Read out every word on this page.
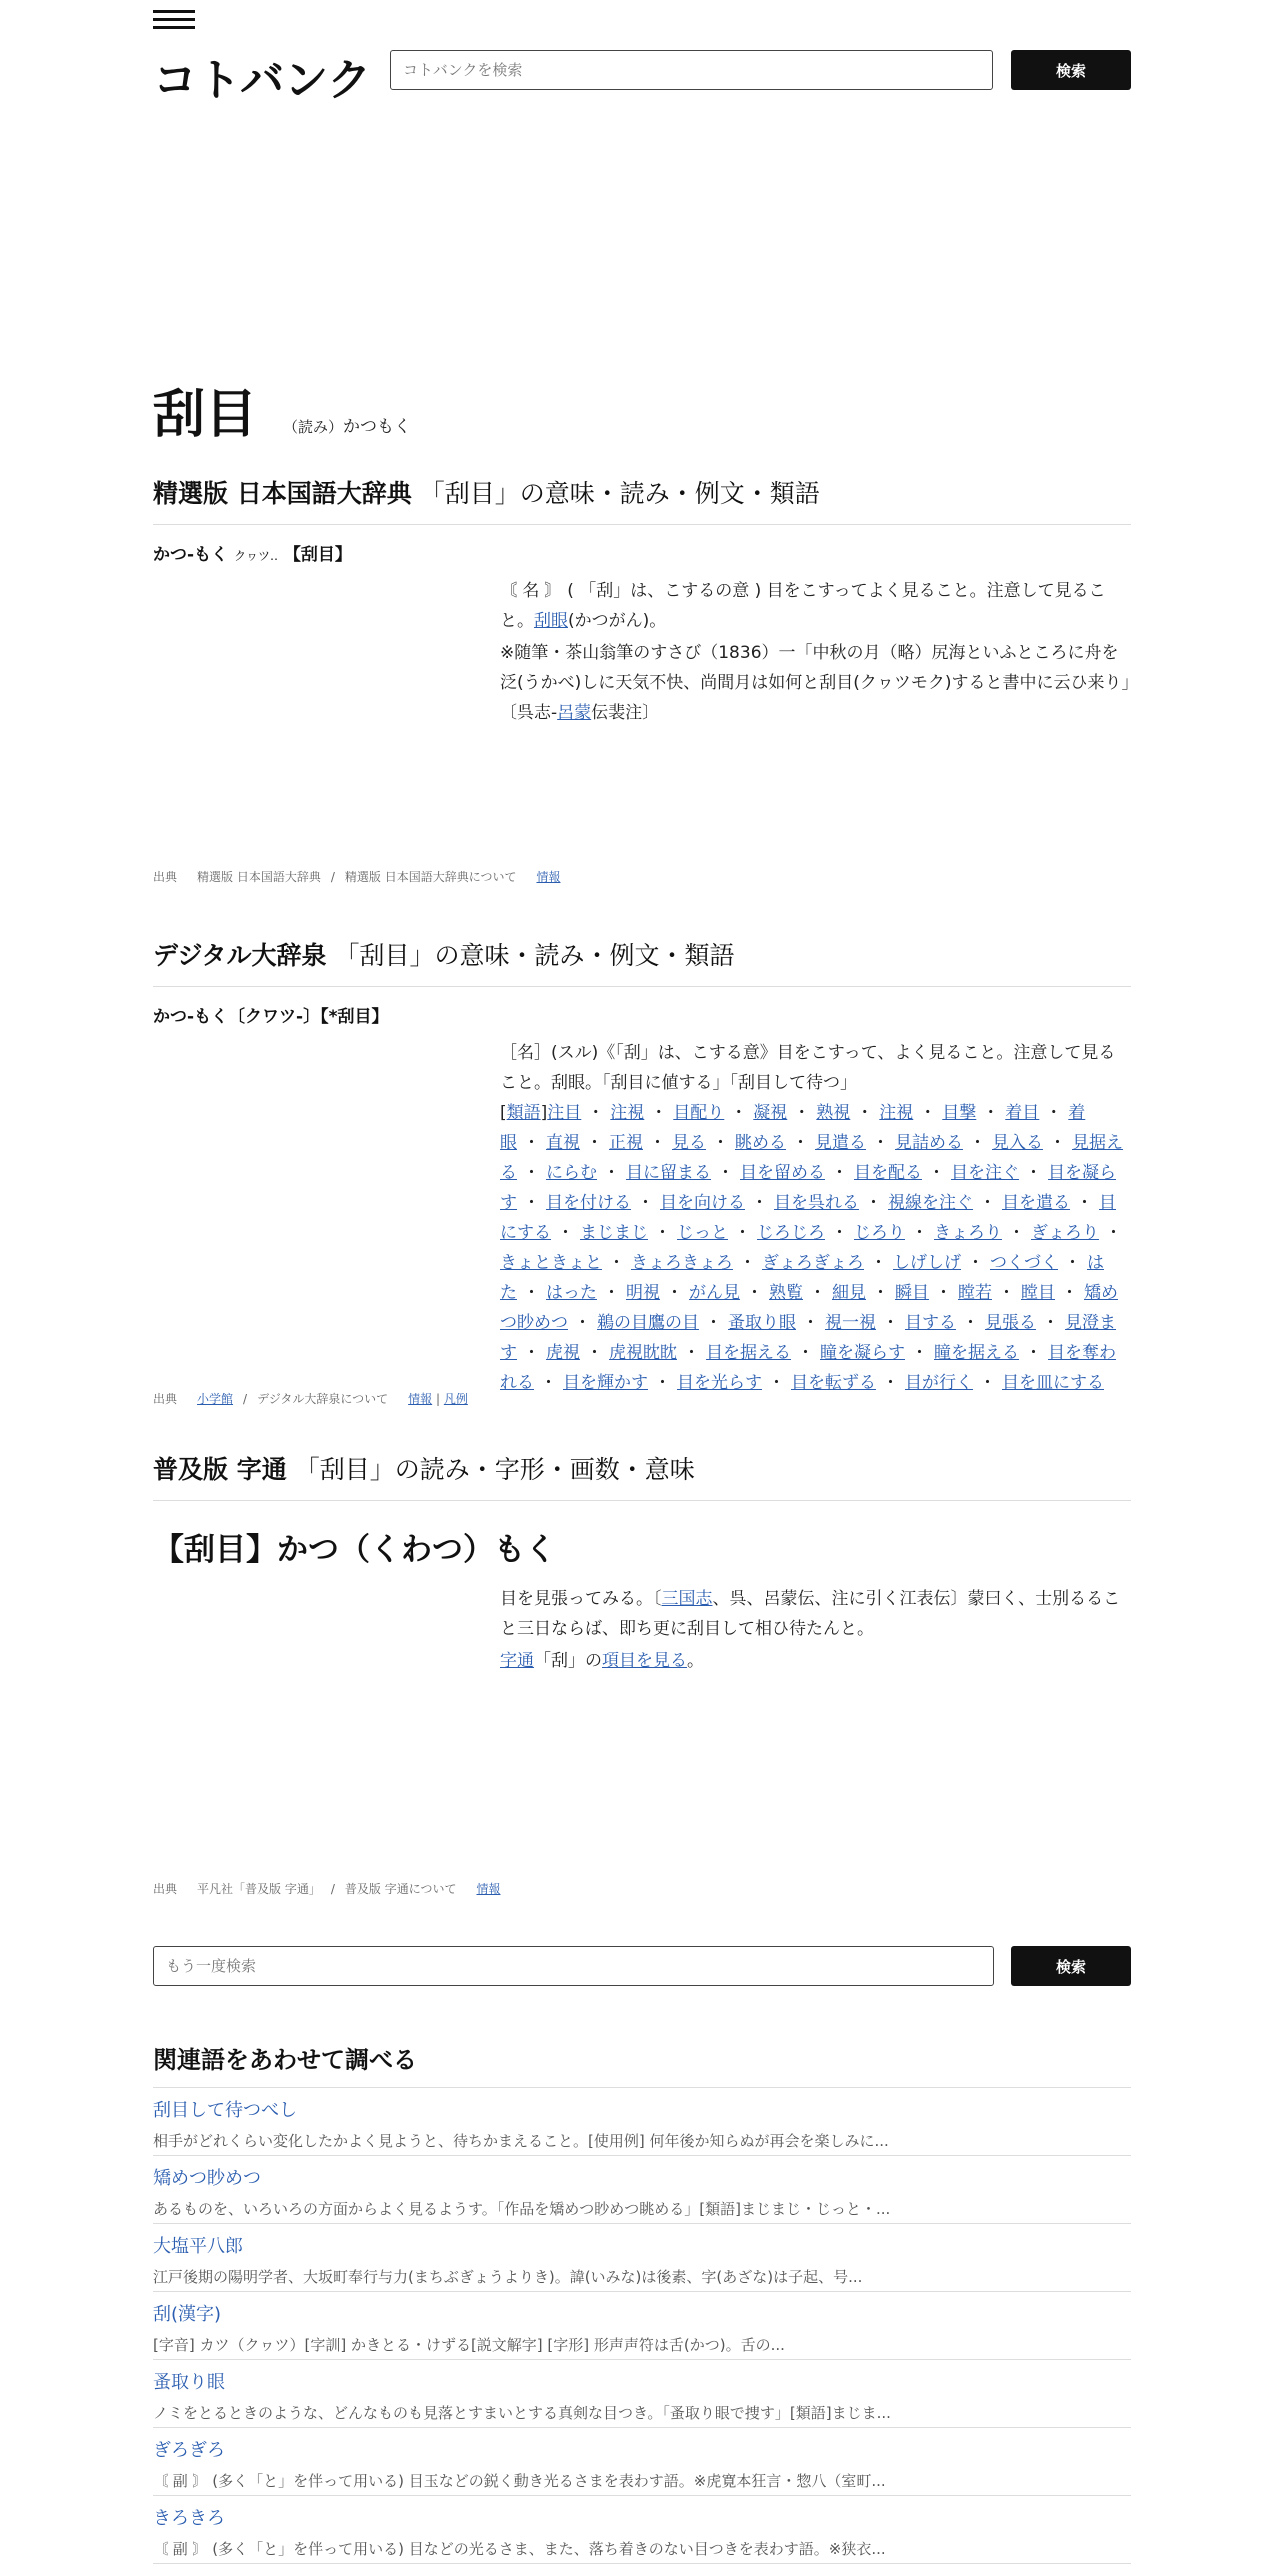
コトバンク
コトバンクを検索	検索
刮目 （読み）かつもく
精選版 日本国語大辞典 「刮目」の意味・読み・例文・類語
かつ-もく クヮツ‥ 【刮目】

〘 名 〙 ( 「刮」は、こするの意 ) 目をこすってよく見ること。注意して見ること。刮眼(かつがん)。

※随筆・茶山翁筆のすさび（1836）一「中秋の月（略）尻海といふところに舟を泛(うかべ)しに天気不快、尚間月は如何と刮目(クヮツモク)すると書中に云ひ来り」〔呉志-呂蒙伝裴注〕

出典 精選版 日本国語大辞典 / 精選版 日本国語大辞典について 情報
デジタル大辞泉 「刮目」の意味・読み・例文・類語
かつ-もく〔クワツ-〕【*刮目】

［名］(スル)《「刮」は、こする意》目をこすって、よく見ること。注意して見ること。刮眼。「刮目に値する」「刮目して待つ」

[類語]注目 ・ 注視 ・ 目配り ・ 凝視 ・ 熟視 ・ 注視 ・ 目撃 ・ 着目 ・ 着眼 ・ 直視 ・ 正視 ・ 見る ・ 眺める ・ 見遣る ・ 見詰める ・ 見入る ・ 見据える ・ にらむ ・ 目に留まる ・ 目を留める ・ 目を配る ・ 目を注ぐ ・ 目を凝らす ・ 目を付ける ・ 目を向ける ・ 目を呉れる ・ 視線を注ぐ ・ 目を遣る ・ 目にする ・ まじまじ ・ じっと ・ じろじろ ・ じろり ・ きょろり ・ ぎょろり ・きょときょと ・ きょろきょろ ・ ぎょろぎょろ ・ しげしげ ・ つくづく ・ はた ・ はった ・ 明視 ・ がん見 ・ 熟覧 ・ 細見 ・ 瞬目 ・ 瞠若 ・ 瞠目 ・ 矯めつ眇めつ ・ 鵜の目鷹の目 ・ 蚤取り眼 ・ 視一視 ・ 目する ・ 見張る ・ 見澄ます ・ 虎視 ・ 虎視眈眈 ・ 目を据える ・ 瞳を凝らす ・ 瞳を据える ・ 目を奪われる ・ 目を輝かす ・ 目を光らす ・ 目を転ずる ・ 目が行く ・ 目を皿にする
出典 小学館 / デジタル大辞泉について 情報 | 凡例
普及版 字通 「刮目」の読み・字形・画数・意味
【刮目】かつ（くわつ）もく

目を見張ってみる。〔三国志、呉、呂蒙伝、注に引く江表伝〕蒙曰く、士別るること三日ならば、即ち更に刮目して相ひ待たんと。

字通「刮」の項目を見る。

出典 平凡社「普及版 字通」 / 普及版 字通について 情報
もう一度検索
検索
関連語をあわせて調べる
刮目して待つべし
相手がどれくらい変化したかよく見ようと、待ちかまえること。[使用例] 何年後か知らぬが再会を楽しみに...
矯めつ眇めつ
あるものを、いろいろの方面からよく見るようす。「作品を矯めつ眇めつ眺める」[類語]まじまじ・じっと・...
大塩平八郎
江戸後期の陽明学者、大坂町奉行与力(まちぶぎょうよりき)。諱(いみな)は後素、字(あざな)は子起、号...
刮(漢字)
[字音] カツ（クヮツ）[字訓] かきとる・けずる[説文解字] [字形] 形声声符は舌(かつ)。舌の...
蚤取り眼
ノミをとるときのような、どんなものも見落とすまいとする真剣な目つき。「蚤取り眼で捜す」[類語]まじま...
ぎろぎろ
〘 副 〙 (多く「と」を伴って用いる) 目玉などの鋭く動き光るさまを表わす語。※虎寛本狂言・惣八（室町...
きろきろ
〘 副 〙 (多く「と」を伴って用いる) 目などの光るさま、また、落ち着きのない目つきを表わす語。※狭衣...
